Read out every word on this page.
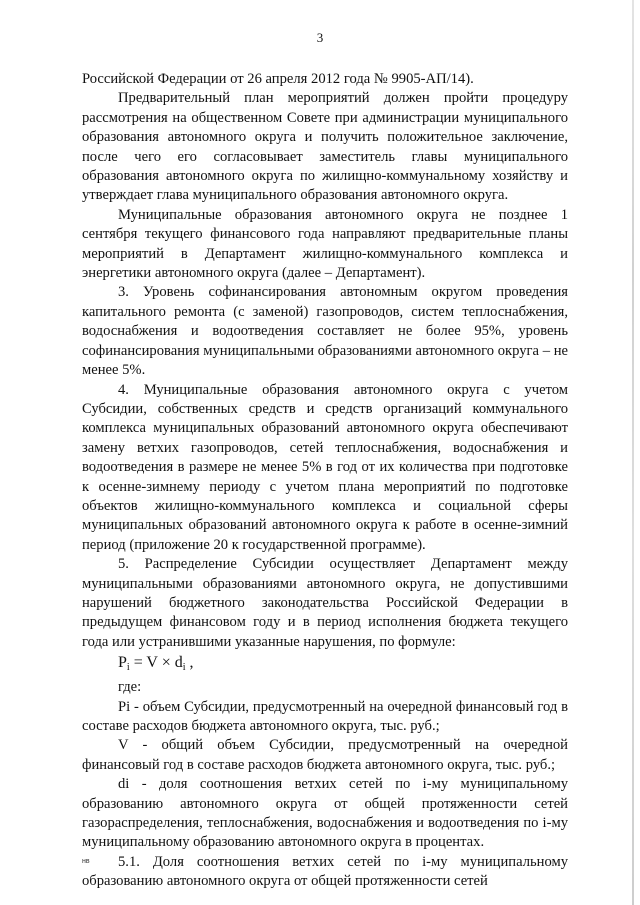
3

Российской Федерации от 26 апреля 2012 года № 9905-АП/14).

Предварительный план мероприятий должен пройти процедуру рассмотрения на общественном Совете при администрации муниципального образования автономного округа и получить положительное заключение, после чего его согласовывает заместитель главы муниципального образования автономного округа по жилищно-коммунальному хозяйству и утверждает глава муниципального образования автономного округа.

Муниципальные образования автономного округа не позднее 1 сентября текущего финансового года направляют предварительные планы мероприятий в Департамент жилищно-коммунального комплекса и энергетики автономного округа (далее – Департамент).

3. Уровень софинансирования автономным округом проведения капитального ремонта (с заменой) газопроводов, систем теплоснабжения, водоснабжения и водоотведения составляет не более 95%, уровень софинансирования муниципальными образованиями автономного округа – не менее 5%.

4. Муниципальные образования автономного округа с учетом Субсидии, собственных средств и средств организаций коммунального комплекса муниципальных образований автономного округа обеспечивают замену ветхих газопроводов, сетей теплоснабжения, водоснабжения и водоотведения в размере не менее 5% в год от их количества при подготовке к осенне-зимнему периоду с учетом плана мероприятий по подготовке объектов жилищно-коммунального комплекса и социальной сферы муниципальных образований автономного округа к работе в осенне-зимний период (приложение 20 к государственной программе).

5. Распределение Субсидии осуществляет Департамент между муниципальными образованиями автономного округа, не допустившими нарушений бюджетного законодательства Российской Федерации в предыдущем финансовом году и в период исполнения бюджета текущего года или устранившими указанные нарушения, по формуле:

$P_i = V \times d_i$ ,

где:

Pi - объем Субсидии, предусмотренный на очередной финансовый год в составе расходов бюджета автономного округа, тыс. руб.;

V - общий объем Субсидии, предусмотренный на очередной финансовый год в составе расходов бюджета автономного округа, тыс. руб.;

di - доля соотношения ветхих сетей по i-му муниципальному образованию автономного округа от общей протяженности сетей газораспределения, теплоснабжения, водоснабжения и водоотведения по i-му муниципальному образованию автономного округа в процентах.

5.1. Доля соотношения ветхих сетей по i-му муниципальному образованию автономного округа от общей протяженности сетей

нв
